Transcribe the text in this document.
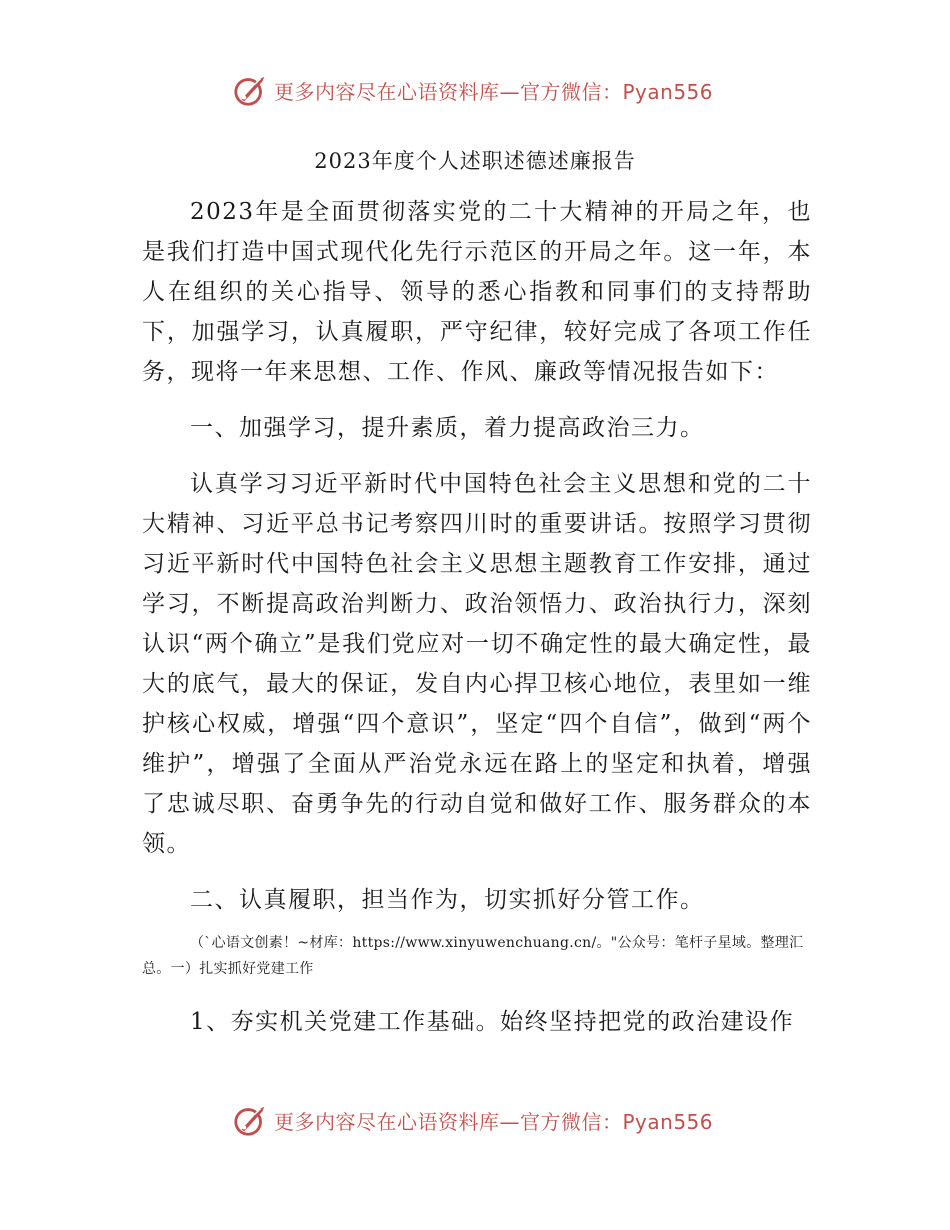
更多内容尽在心语资料库—官方微信：Pyan556
2023年度个人述职述德述廉报告

2023年是全面贯彻落实党的二十大精神的开局之年，也是我们打造中国式现代化先行示范区的开局之年。这一年，本人在组织的关心指导、领导的悉心指教和同事们的支持帮助下，加强学习，认真履职，严守纪律，较好完成了各项工作任务，现将一年来思想、工作、作风、廉政等情况报告如下：

一、加强学习，提升素质，着力提高政治三力。

认真学习习近平新时代中国特色社会主义思想和党的二十大精神、习近平总书记考察四川时的重要讲话。按照学习贯彻习近平新时代中国特色社会主义思想主题教育工作安排，通过学习，不断提高政治判断力、政治领悟力、政治执行力，深刻认识“两个确立”是我们党应对一切不确定性的最大确定性，最大的底气，最大的保证，发自内心捍卫核心地位，表里如一维护核心权威，增强“四个意识”，坚定“四个自信”，做到“两个维护”，增强了全面从严治党永远在路上的坚定和执着，增强了忠诚尽职、奋勇争先的行动自觉和做好工作、服务群众的本领。

二、认真履职，担当作为，切实抓好分管工作。

（`心语文创素！~材库：https://www.xinyuwenchuang.cn/。"公众号：笔杆子星域。整理汇总。一）扎实抓好党建工作

1、夯实机关党建工作基础。始终坚持把党的政治建设作

更多内容尽在心语资料库—官方微信：Pyan556
